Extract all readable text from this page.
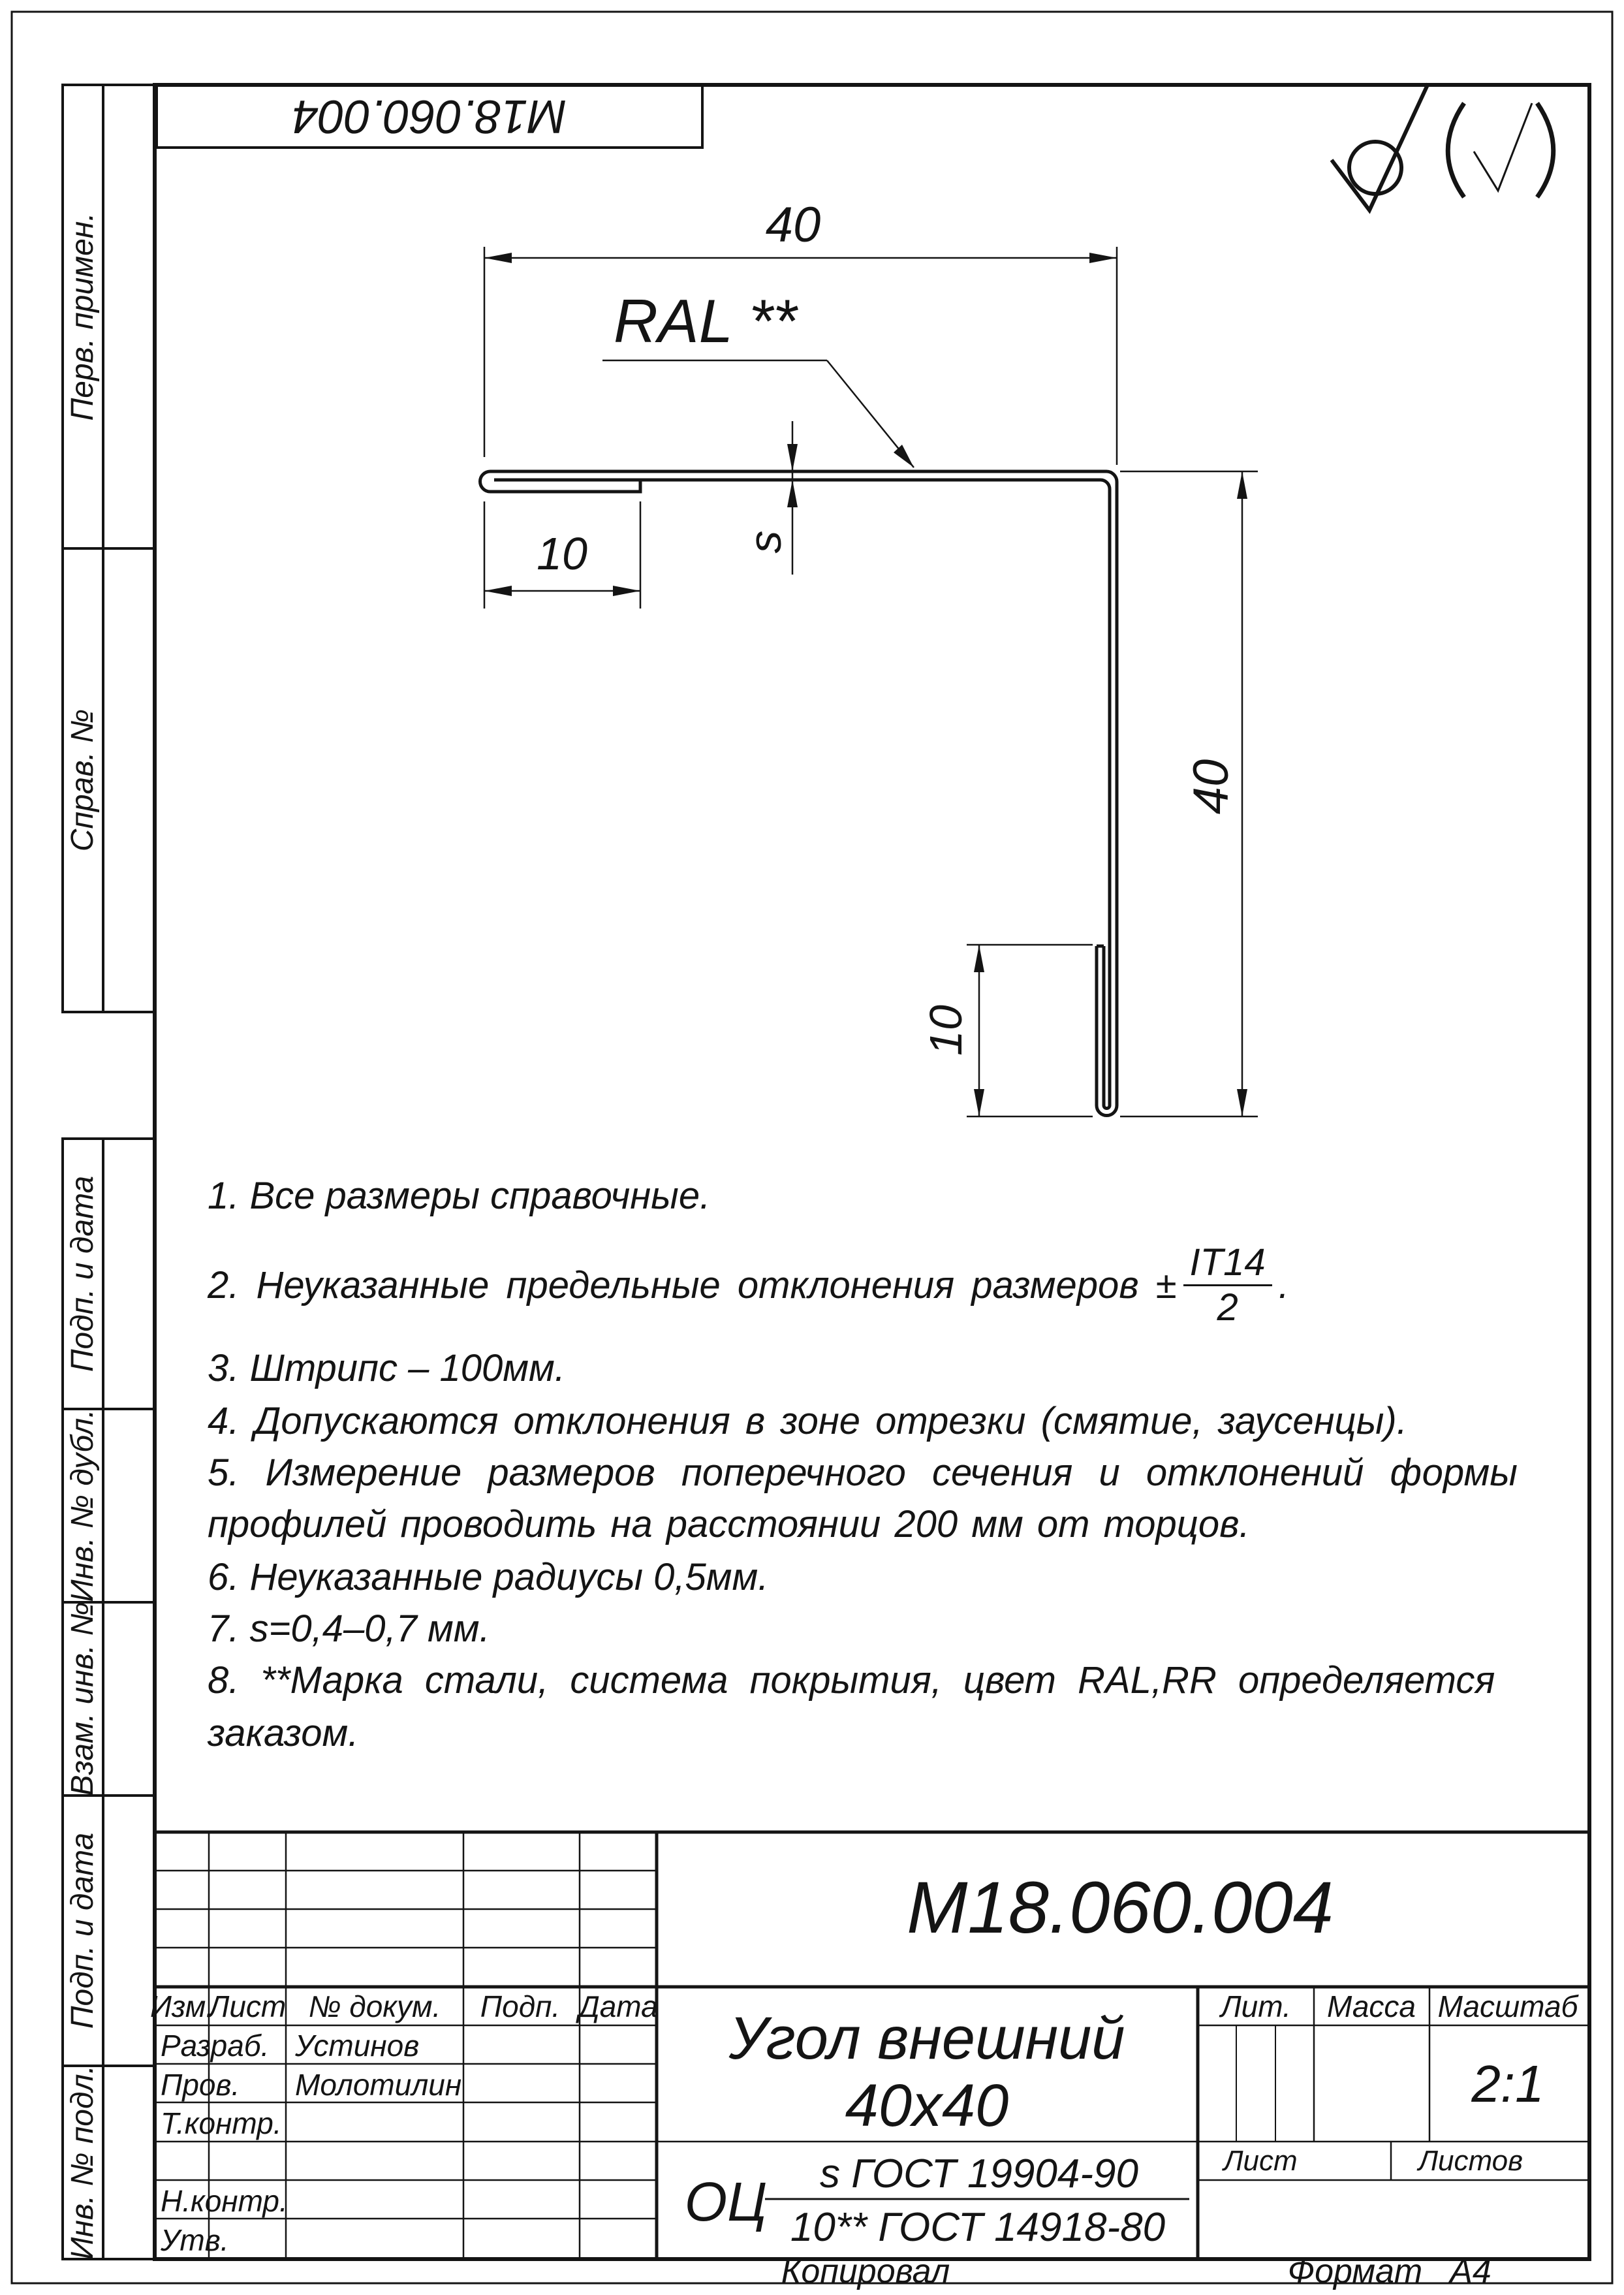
М18.060.004
Перв. примен.
Справ. №
Подп. и дата
Инв. № дубл.
Взам. инв. №
Подп. и дата
Инв. № подл.
40
RAL **
s
10
40
10
1. Все размеры справочные.
2. Неуказанные предельные отклонения размеров ± $\frac{IT14}{2}$ .
3. Штрипс – 100мм.
4. Допускаются отклонения в зоне отрезки (смятие, заусенцы).
5. Измерение размеров поперечного сечения и отклонений формы
профилей проводить на расстоянии 200 мм от торцов.
6. Неуказанные радиусы 0,5мм.
7. s=0,4–0,7 мм.
8. **Марка стали, система покрытия, цвет RAL,RR определяется
заказом.
Изм.
Лист № докум. Подп. Дата
Разраб. Устинов
Пров. Молотилин
Т.контр.
Н.контр.
Утв.
М18.060.004
Угол внешний
40х40
Лит. Масса Масштаб
2:1
Лист	Листов
ОЦ s ГОСТ 19904-90
10** ГОСТ 14918-80
Копировал	Формат А4
